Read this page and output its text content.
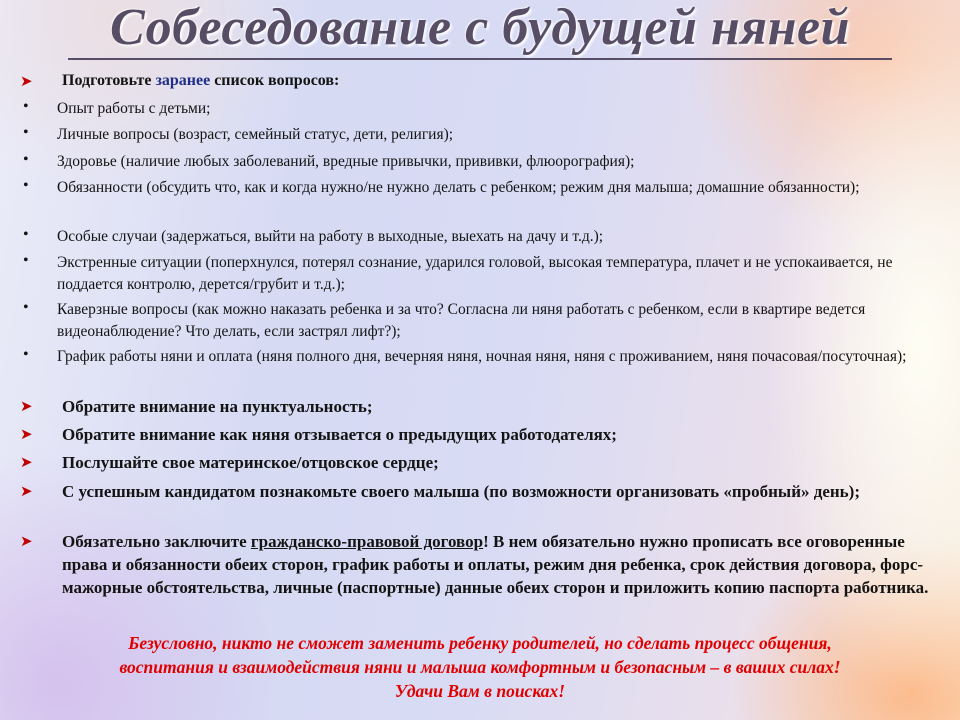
Собеседование с будущей няней
➤ Подготовьте заранее список вопросов:
• Опыт работы с детьми;
• Личные вопросы (возраст, семейный статус, дети, религия);
• Здоровье (наличие любых заболеваний, вредные привычки, прививки, флюорография);
• Обязанности (обсудить что, как и когда нужно/не нужно делать с ребенком; режим дня малыша; домашние обязанности);
• Особые случаи (задержаться, выйти на работу в выходные, выехать на дачу и т.д.);
• Экстренные ситуации (поперхнулся, потерял сознание, ударился головой, высокая температура, плачет и не успокаивается, не поддается контролю, дерется/грубит и т.д.);
• Каверзные вопросы (как можно наказать ребенка и за что? Согласна ли няня работать с ребенком, если в квартире ведется видеонаблюдение? Что делать, если застрял лифт?);
• График работы няни и оплата (няня полного дня, вечерняя няня, ночная няня, няня с проживанием, няня почасовая/посуточная);
➤ Обратите внимание на пунктуальность;
➤ Обратите внимание как няня отзывается о предыдущих работодателях;
➤ Послушайте свое материнское/отцовское сердце;
➤ С успешным кандидатом познакомьте своего малыша (по возможности организовать «пробный» день);
➤ Обязательно заключите гражданско-правовой договор! В нем обязательно нужно прописать все оговоренные права и обязанности обеих сторон, график работы и оплаты, режим дня ребенка, срок действия договора, форс-мажорные обстоятельства, личные (паспортные) данные обеих сторон и приложить копию паспорта работника.
Безусловно, никто не сможет заменить ребенку родителей, но сделать процесс общения,
воспитания и взаимодействия няни и малыша комфортным и безопасным – в ваших силах!
Удачи Вам в поисках!
